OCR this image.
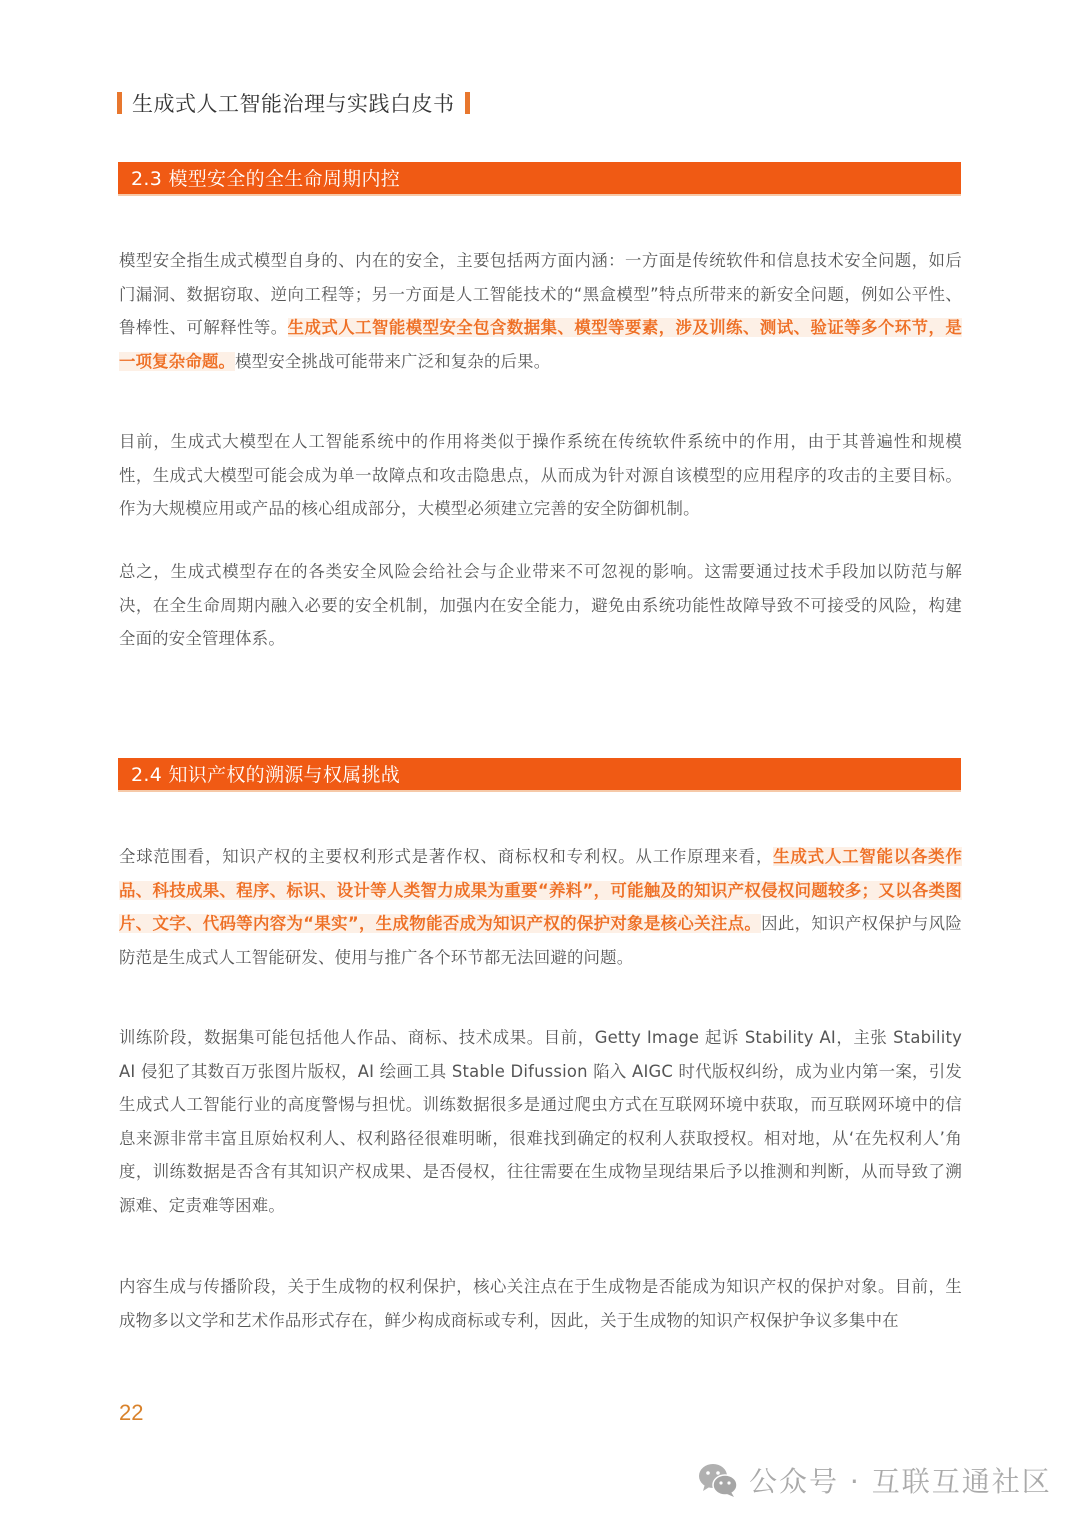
生成式人工智能治理与实践白皮书
2.3 模型安全的全生命周期内控
模型安全指生成式模型自身的、内在的安全，主要包括两方面内涵：一方面是传统软件和信息技术安全问题，如后门漏洞、数据窃取、逆向工程等；另一方面是人工智能技术的“黑盒模型”特点所带来的新安全问题，例如公平性、鲁棒性、可解释性等。生成式人工智能模型安全包含数据集、模型等要素，涉及训练、测试、验证等多个环节，是一项复杂命题。模型安全挑战可能带来广泛和复杂的后果。
目前，生成式大模型在人工智能系统中的作用将类似于操作系统在传统软件系统中的作用，由于其普遍性和规模性，生成式大模型可能会成为单一故障点和攻击隐患点，从而成为针对源自该模型的应用程序的攻击的主要目标。作为大规模应用或产品的核心组成部分，大模型必须建立完善的安全防御机制。
总之，生成式模型存在的各类安全风险会给社会与企业带来不可忽视的影响。这需要通过技术手段加以防范与解决，在全生命周期内融入必要的安全机制，加强内在安全能力，避免由系统功能性故障导致不可接受的风险，构建全面的安全管理体系。
2.4 知识产权的溯源与权属挑战
全球范围看，知识产权的主要权利形式是著作权、商标权和专利权。从工作原理来看，生成式人工智能以各类作品、科技成果、程序、标识、设计等人类智力成果为重要“养料”，可能触及的知识产权侵权问题较多；又以各类图片、文字、代码等内容为“果实”，生成物能否成为知识产权的保护对象是核心关注点。因此，知识产权保护与风险防范是生成式人工智能研发、使用与推广各个环节都无法回避的问题。
训练阶段，数据集可能包括他人作品、商标、技术成果。目前，Getty Image 起诉 Stability AI，主张 Stability AI 侵犯了其数百万张图片版权，AI 绘画工具 Stable Difussion 陷入 AIGC 时代版权纠纷，成为业内第一案，引发生成式人工智能行业的高度警惕与担忧。训练数据很多是通过爬虫方式在互联网环境中获取，而互联网环境中的信息来源非常丰富且原始权利人、权利路径很难明晰，很难找到确定的权利人获取授权。相对地，从‘在先权利人’角度，训练数据是否含有其知识产权成果、是否侵权，往往需要在生成物呈现结果后予以推测和判断，从而导致了溯源难、定责难等困难。
内容生成与传播阶段，关于生成物的权利保护，核心关注点在于生成物是否能成为知识产权的保护对象。目前，生成物多以文学和艺术作品形式存在，鲜少构成商标或专利，因此，关于生成物的知识产权保护争议多集中在
22
公众号 · 互联互通社区
